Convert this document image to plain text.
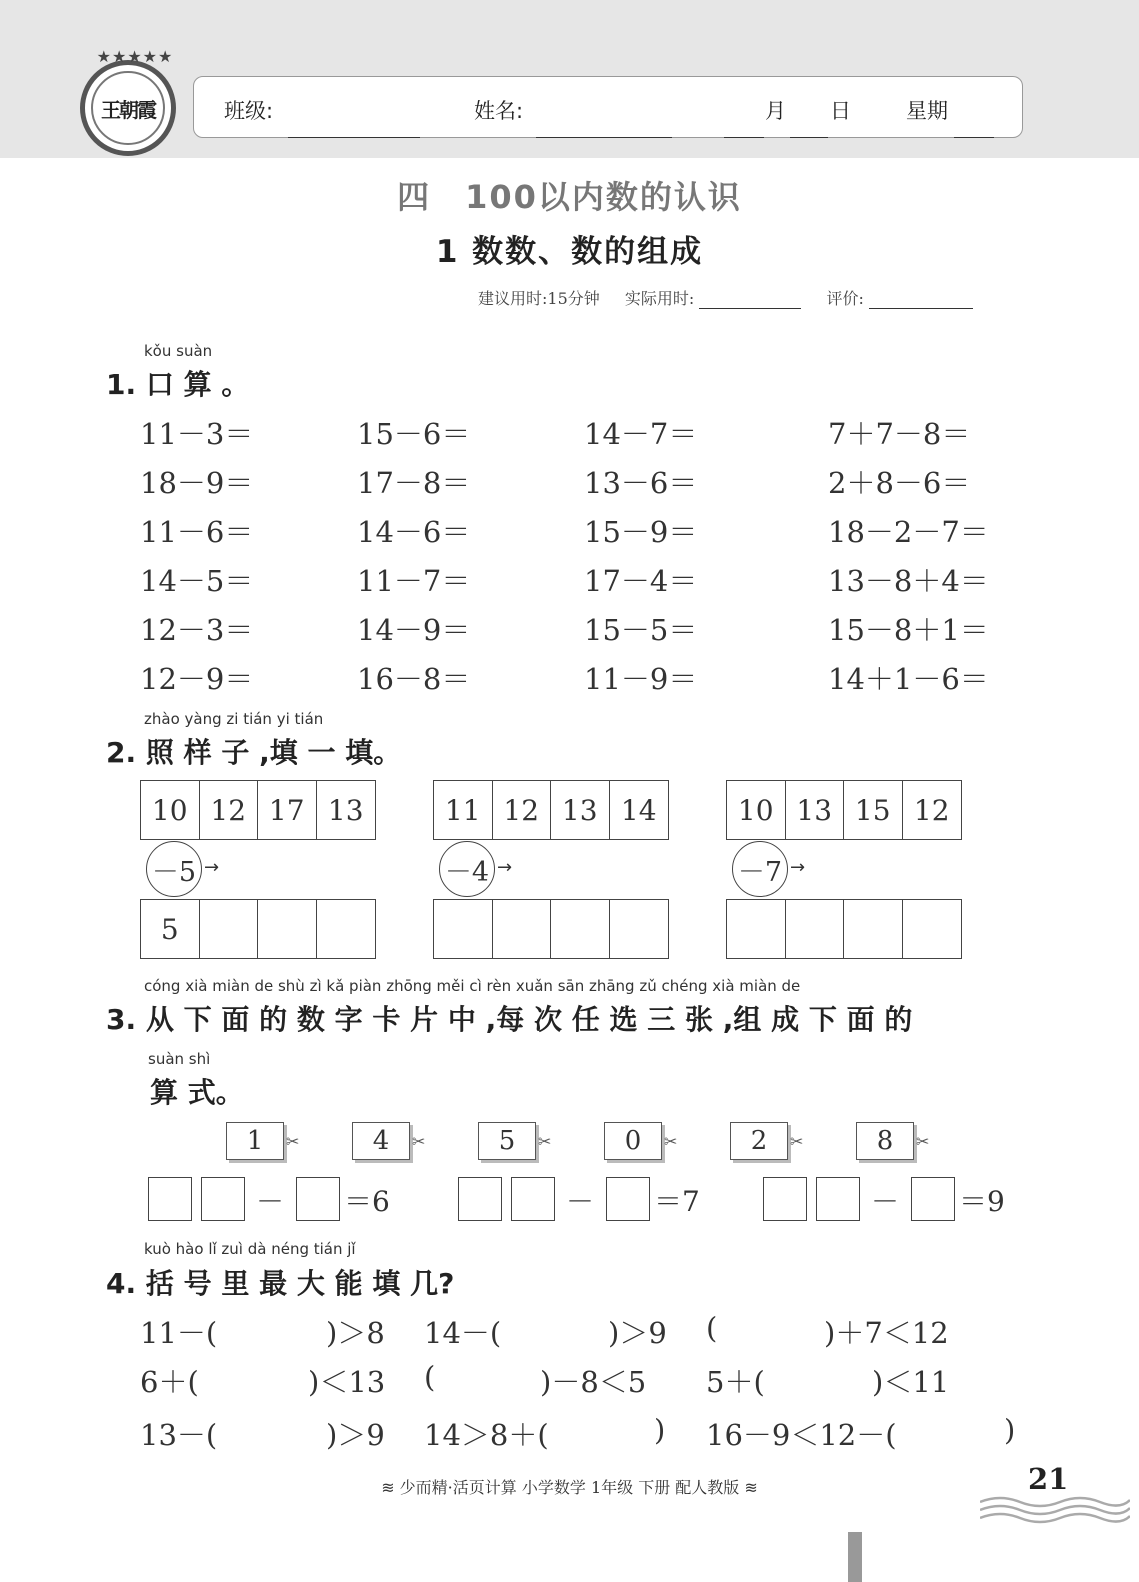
★★★★★
王朝霞	班级:	姓名:	月 日	星期
四　100以内数的认识
1 数数、数的组成
建议用时:15分钟 实际用时:	评价:
kǒu suàn
1. 口 算 。
11－3＝	15－6＝	14－7＝	7＋7－8＝
18－9＝	17－8＝	13－6＝	2＋8－6＝
11－6＝	14－6＝	15－9＝	18－2－7＝
14－5＝	11－7＝	17－4＝	13－8＋4＝
12－3＝	14－9＝	15－5＝	15－8＋1＝
12－9＝	16－8＝	11－9＝	14＋1－6＝
zhào yàng zi tián yi tián
2. 照 样 子 ,填 一 填。
10 12 17 13
－5 →
5
11 12 13 14
－4 →
10 13 15 12
－7 →
cóng xià miàn de shù zì kǎ piàn zhōng měi cì rèn xuǎn sān zhāng zǔ chéng xià miàn de
3. 从 下 面 的 数 字 卡 片 中 ,每 次 任 选 三 张 ,组 成 下 面 的
suàn shì
算 式。
1	✂	4	✂	5	✂	0	✂	2	✂	8	✂
－ ＝6	－ ＝7	－ ＝9
kuò hào lǐ zuì dà néng tián jǐ
4. 括 号 里 最 大 能 填 几?
11－(	)＞8 14－(	)＞9 (	)＋7＜12
6＋(	)＜13 (	)－8＜5 5＋(	)＜11
13－(	)＞9 14＞8＋(	) 16－9＜12－(	)
≋ 少而精·活页计算 小学数学 1年级 下册 配人教版 ≋	21
